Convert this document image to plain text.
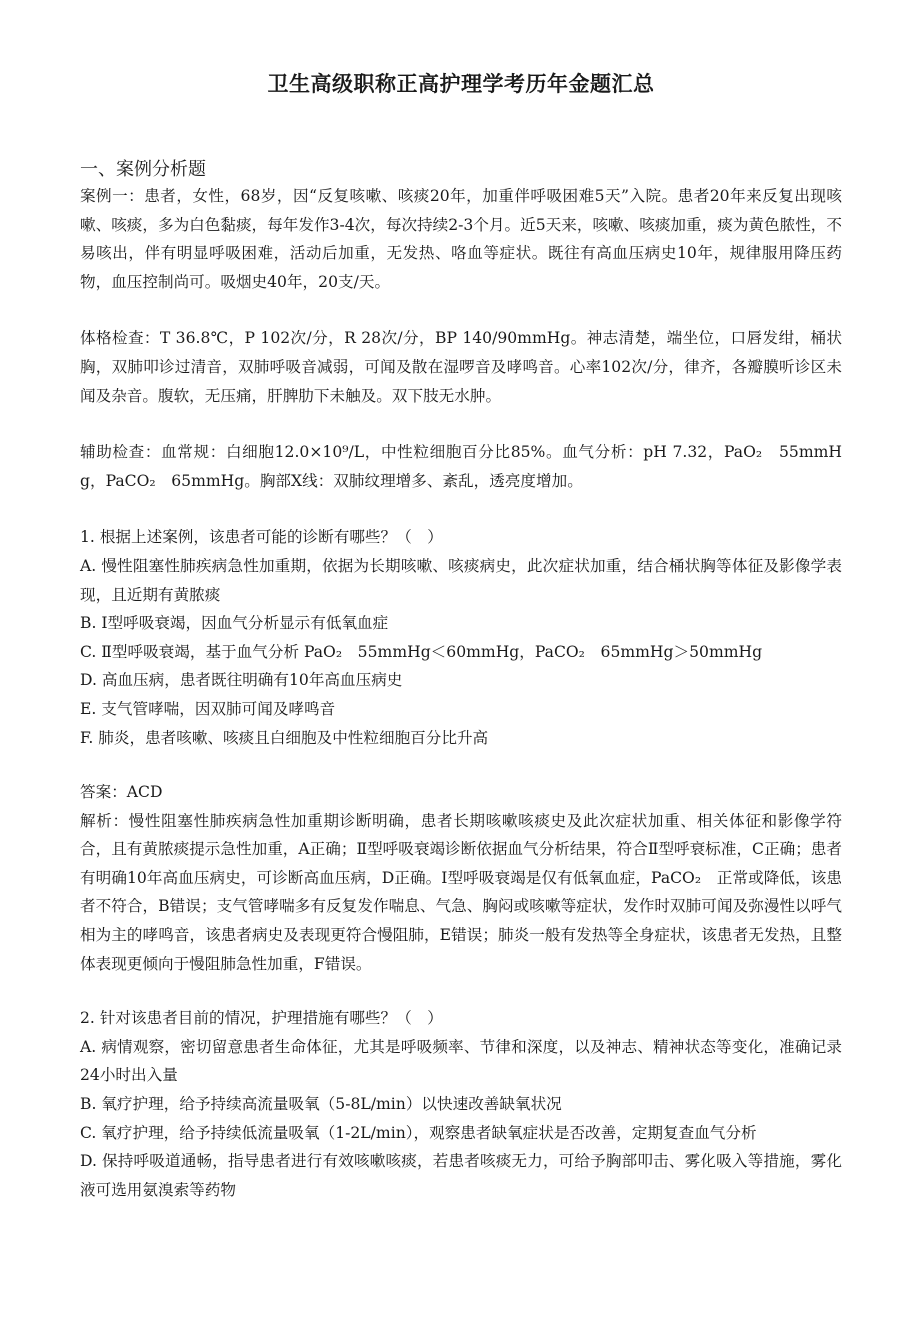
卫生高级职称正高护理学考历年金题汇总
一、案例分析题

案例一：患者，女性，68岁，因“反复咳嗽、咳痰20年，加重伴呼吸困难5天”入院。患者20年来反复出现咳嗽、咳痰，多为白色黏痰，每年发作3-4次，每次持续2-3个月。近5天来，咳嗽、咳痰加重，痰为黄色脓性，不易咳出，伴有明显呼吸困难，活动后加重，无发热、咯血等症状。既往有高血压病史10年，规律服用降压药物，血压控制尚可。吸烟史40年，20支/天。

体格检查：T 36.8℃，P 102次/分，R 28次/分，BP 140/90mmHg。神志清楚，端坐位，口唇发绀，桶状胸，双肺叩诊过清音，双肺呼吸音减弱，可闻及散在湿啰音及哮鸣音。心率102次/分，律齐，各瓣膜听诊区未闻及杂音。腹软，无压痛，肝脾肋下未触及。双下肢无水肿。

辅助检查：血常规：白细胞12.0×10⁹/L，中性粒细胞百分比85%。血气分析：pH 7.32，PaO₂　55mmHg，PaCO₂　65mmHg。胸部X线：双肺纹理增多、紊乱，透亮度增加。

1. 根据上述案例，该患者可能的诊断有哪些？（　）

A. 慢性阻塞性肺疾病急性加重期，依据为长期咳嗽、咳痰病史，此次症状加重，结合桶状胸等体征及影像学表现，且近期有黄脓痰

B. Ⅰ型呼吸衰竭，因血气分析显示有低氧血症

C. Ⅱ型呼吸衰竭，基于血气分析 PaO₂　55mmHg＜60mmHg，PaCO₂　65mmHg＞50mmHg

D. 高血压病，患者既往明确有10年高血压病史

E. 支气管哮喘，因双肺可闻及哮鸣音

F. 肺炎，患者咳嗽、咳痰且白细胞及中性粒细胞百分比升高

答案：ACD

解析：慢性阻塞性肺疾病急性加重期诊断明确，患者长期咳嗽咳痰史及此次症状加重、相关体征和影像学符合，且有黄脓痰提示急性加重，A正确；Ⅱ型呼吸衰竭诊断依据血气分析结果，符合Ⅱ型呼衰标准，C正确；患者有明确10年高血压病史，可诊断高血压病，D正确。Ⅰ型呼吸衰竭是仅有低氧血症，PaCO₂　正常或降低，该患者不符合，B错误；支气管哮喘多有反复发作喘息、气急、胸闷或咳嗽等症状，发作时双肺可闻及弥漫性以呼气相为主的哮鸣音，该患者病史及表现更符合慢阻肺，E错误；肺炎一般有发热等全身症状，该患者无发热，且整体表现更倾向于慢阻肺急性加重，F错误。

2. 针对该患者目前的情况，护理措施有哪些？（　）

A. 病情观察，密切留意患者生命体征，尤其是呼吸频率、节律和深度，以及神志、精神状态等变化，准确记录24小时出入量

B. 氧疗护理，给予持续高流量吸氧（5-8L/min）以快速改善缺氧状况

C. 氧疗护理，给予持续低流量吸氧（1-2L/min），观察患者缺氧症状是否改善，定期复查血气分析

D. 保持呼吸道通畅，指导患者进行有效咳嗽咳痰，若患者咳痰无力，可给予胸部叩击、雾化吸入等措施，雾化液可选用氨溴索等药物
